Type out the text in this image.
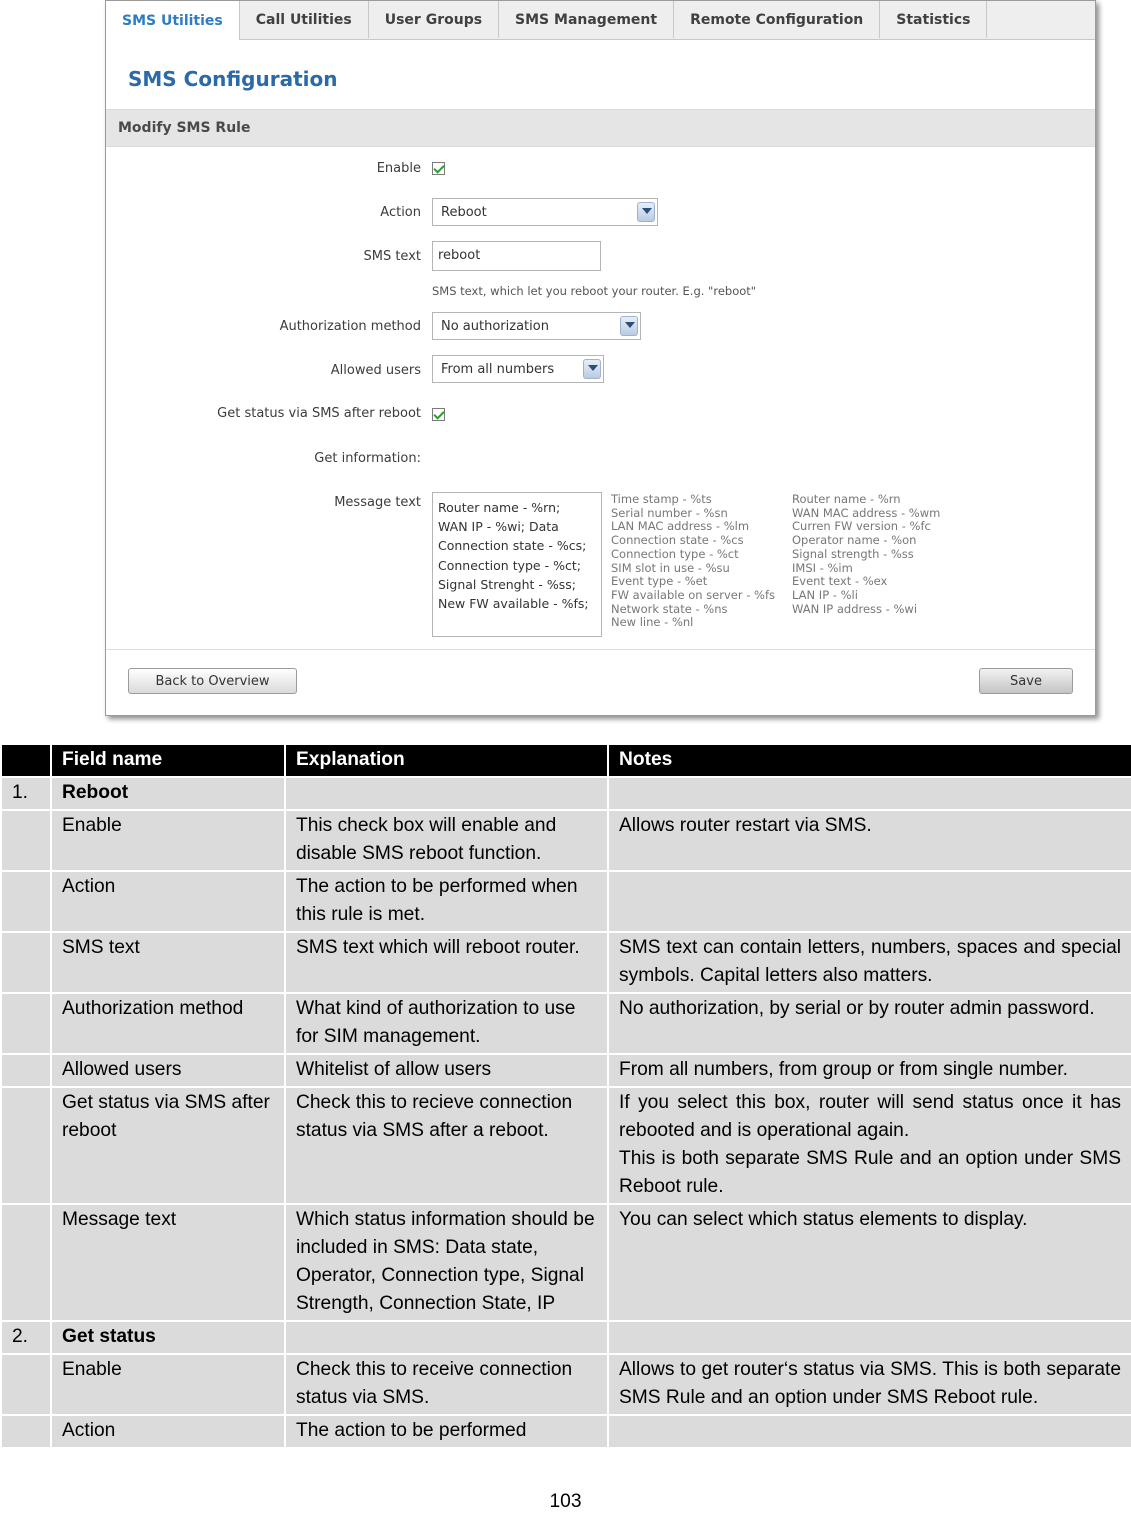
SMS Utilities	Call Utilities	User Groups	SMS Management	Remote Configuration	Statistics
SMS Configuration
Modify SMS Rule
Enable
Action Reboot
SMS text	reboot
SMS text, which let you reboot your router. E.g. "reboot"
Authorization method No authorization
Allowed users From all numbers
Get status via SMS after reboot
Get information:
Message text Router name - %rn;
WAN IP - %wi; Data
Connection state - %cs;
Connection type - %ct;
Signal Strenght - %ss;
New FW available - %fs;
Time stamp - %ts
Serial number - %sn
LAN MAC address - %lm
Connection state - %cs
Connection type - %ct
SIM slot in use - %su
Event type - %et
FW available on server - %fs
Network state - %ns
New line - %nl
Router name - %rn
WAN MAC address - %wm
Curren FW version - %fc
Operator name - %on
Signal strength - %ss
IMSI - %im
Event text - %ex
LAN IP - %li
WAN IP address - %wi
Back to Overview	Save
	Field name	Explanation	Notes
1.	Reboot		
	Enable	This check box will enable and disable SMS reboot function.	Allows router restart via SMS.
	Action	The action to be performed when this rule is met.	
	SMS text	SMS text which will reboot router.	SMS text can contain letters, numbers, spaces and special symbols. Capital letters also matters.
	Authorization method	What kind of authorization to use for SIM management.	No authorization, by serial or by router admin password.
	Allowed users	Whitelist of allow users	From all numbers, from group or from single number.
	Get status via SMS after reboot	Check this to recieve connection status via SMS after a reboot.	If you select this box, router will send status once it has rebooted and is operational again.
This is both separate SMS Rule and an option under SMS Reboot rule.

	Message text	Which status information should be included in SMS: Data state, Operator, Connection type, Signal Strength, Connection State, IP	You can select which status elements to display.
2.	Get status		
	Enable	Check this to receive connection status via SMS.	Allows to get router‘s status via SMS. This is both separate SMS Rule and an option under SMS Reboot rule.
	Action	The action to be performed	
103
